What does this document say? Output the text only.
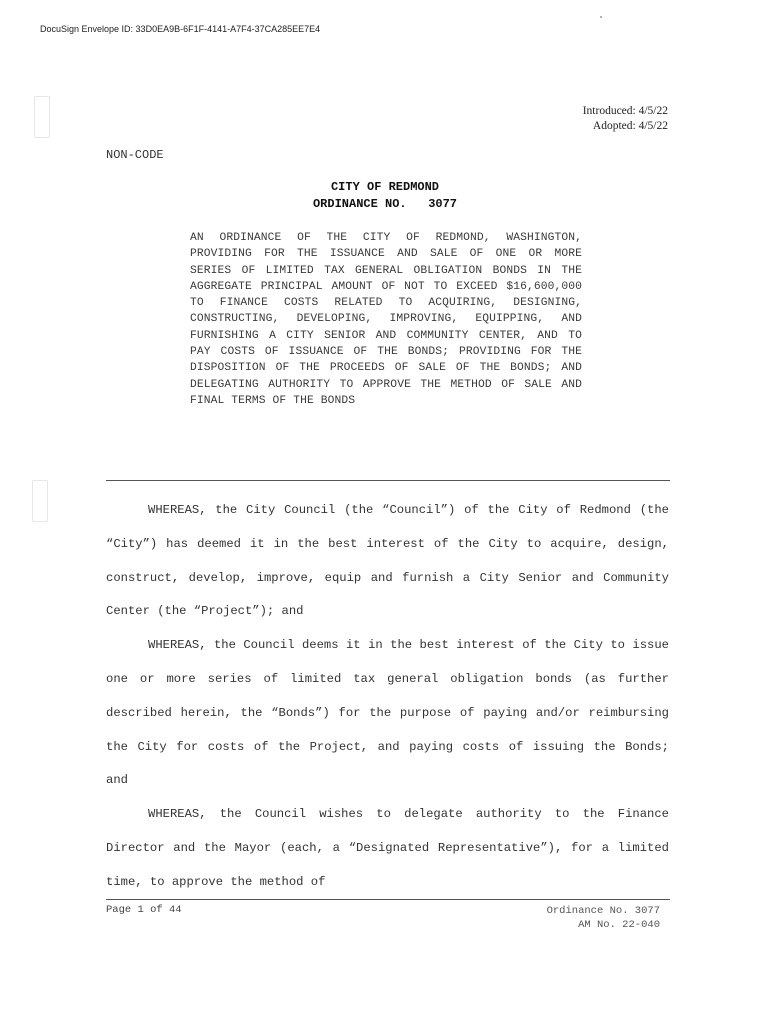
DocuSign Envelope ID: 33D0EA9B-6F1F-4141-A7F4-37CA285EE7E4
Introduced: 4/5/22
Adopted: 4/5/22
NON-CODE
CITY OF REDMOND
ORDINANCE NO.   3077
AN ORDINANCE OF THE CITY OF REDMOND, WASHINGTON, PROVIDING FOR THE ISSUANCE AND SALE OF ONE OR MORE SERIES OF LIMITED TAX GENERAL OBLIGATION BONDS IN THE AGGREGATE PRINCIPAL AMOUNT OF NOT TO EXCEED $16,600,000 TO FINANCE COSTS RELATED TO ACQUIRING, DESIGNING, CONSTRUCTING, DEVELOPING, IMPROVING, EQUIPPING, AND FURNISHING A CITY SENIOR AND COMMUNITY CENTER, AND TO PAY COSTS OF ISSUANCE OF THE BONDS; PROVIDING FOR THE DISPOSITION OF THE PROCEEDS OF SALE OF THE BONDS; AND DELEGATING AUTHORITY TO APPROVE THE METHOD OF SALE AND FINAL TERMS OF THE BONDS

WHEREAS, the City Council (the “Council”) of the City of Redmond (the “City”) has deemed it in the best interest of the City to acquire, design, construct, develop, improve, equip and furnish a City Senior and Community Center (the “Project”); and

WHEREAS, the Council deems it in the best interest of the City to issue one or more series of limited tax general obligation bonds (as further described herein, the “Bonds”) for the purpose of paying and/or reimbursing the City for costs of the Project, and paying costs of issuing the Bonds; and

WHEREAS, the Council wishes to delegate authority to the Finance Director and the Mayor (each, a “Designated Representative”), for a limited time, to approve the method of

Page 1 of 44	Ordinance No. 3077
AM No. 22-040
